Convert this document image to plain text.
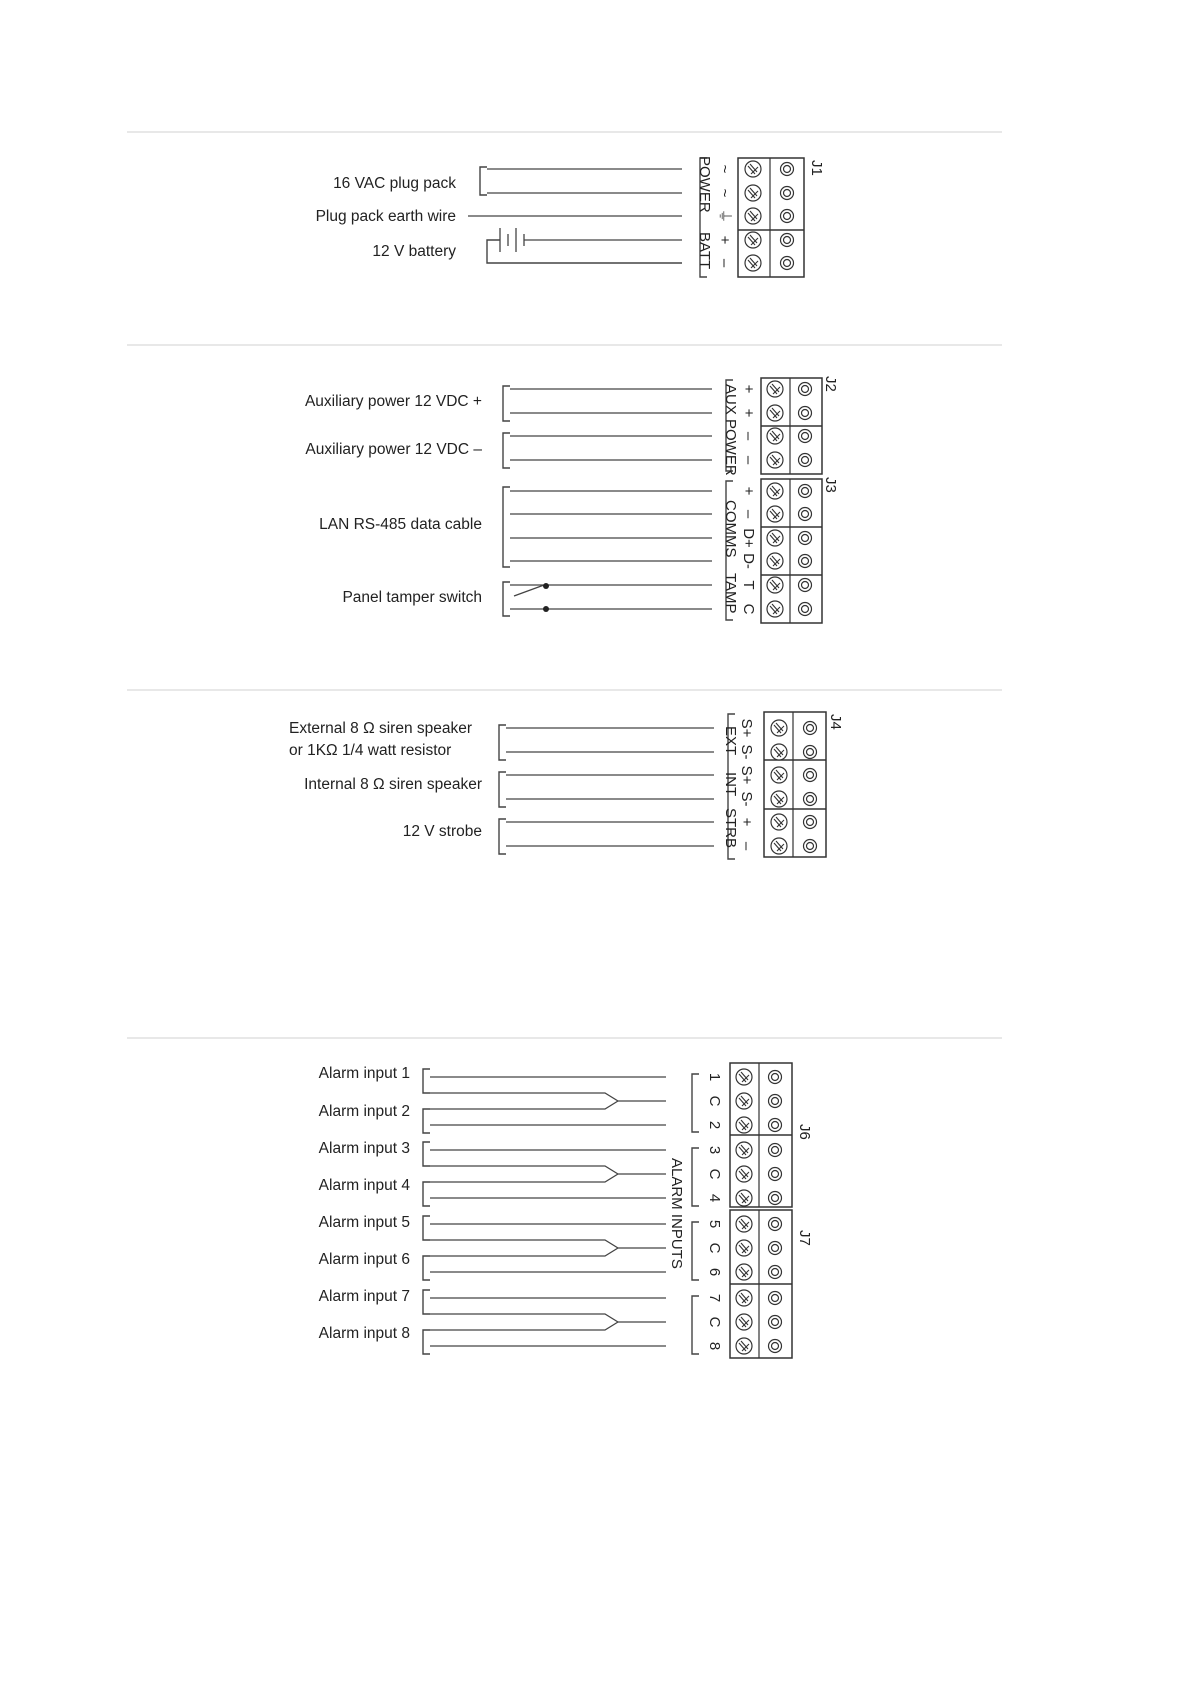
16 VAC plug pack
Plug pack earth wire
12 V battery
POWER
BATT
~
~
⏚
+
–
J1
Auxiliary power 12 VDC +
Auxiliary power 12 VDC –
LAN RS-485 data cable
Panel tamper switch
AUX POWER
COMMS
TAMP
+
+
–
–
+
–
D+
D-
T
C
J2
J3
External 8 Ω siren speaker
or 1KΩ 1/4 watt resistor
Internal 8 Ω siren speaker
12 V strobe
EXT
INT
STRB
S+
S-
S+
S-
+
–
J4
Alarm input 1
Alarm input 2
Alarm input 3
Alarm input 4
Alarm input 5
Alarm input 6
Alarm input 7
Alarm input 8
ALARM INPUTS
1
C
2
3
C
4
5
C
6
7
C
8
J6
J7
